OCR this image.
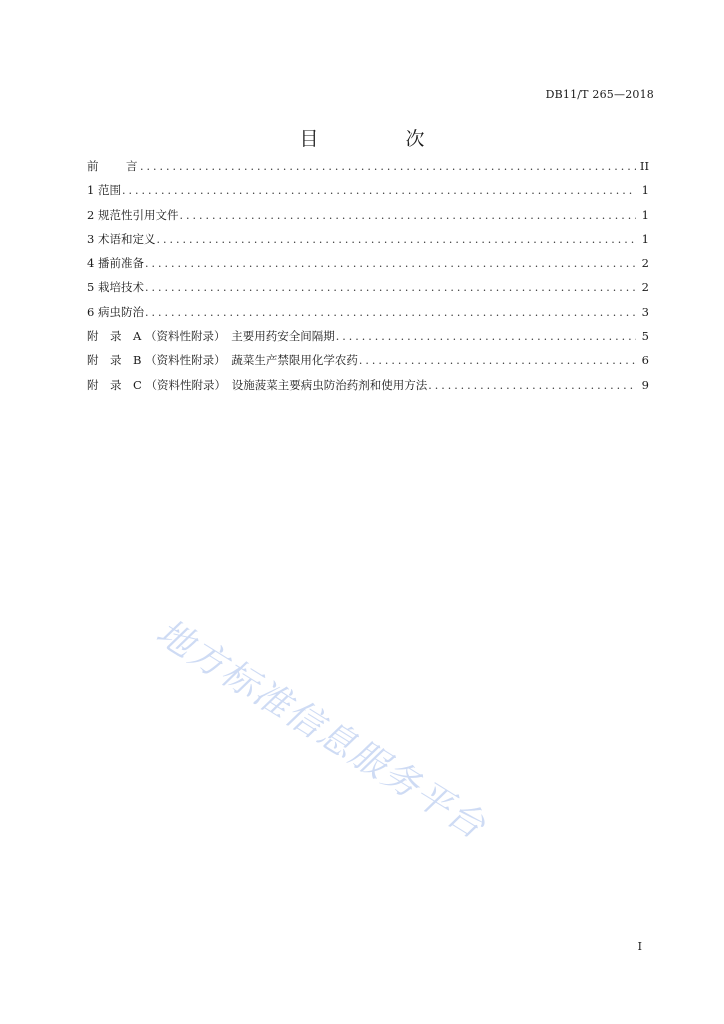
DB11/T 265—2018
目　次
前　　言 .....	II
1 范围 .....	1
2 规范性引用文件 .....	1
3 术语和定义 .....	1
4 播前准备 .....	2
5 栽培技术 .....	2
6 病虫防治 .....	3
附　录　A （资料性附录）　主要用药安全间隔期 .....	5
附　录　B （资料性附录）　蔬菜生产禁限用化学农药 .....	6
附　录　C （资料性附录）　设施菠菜主要病虫防治药剂和使用方法 .....	9
地方标准信息服务平台
I
